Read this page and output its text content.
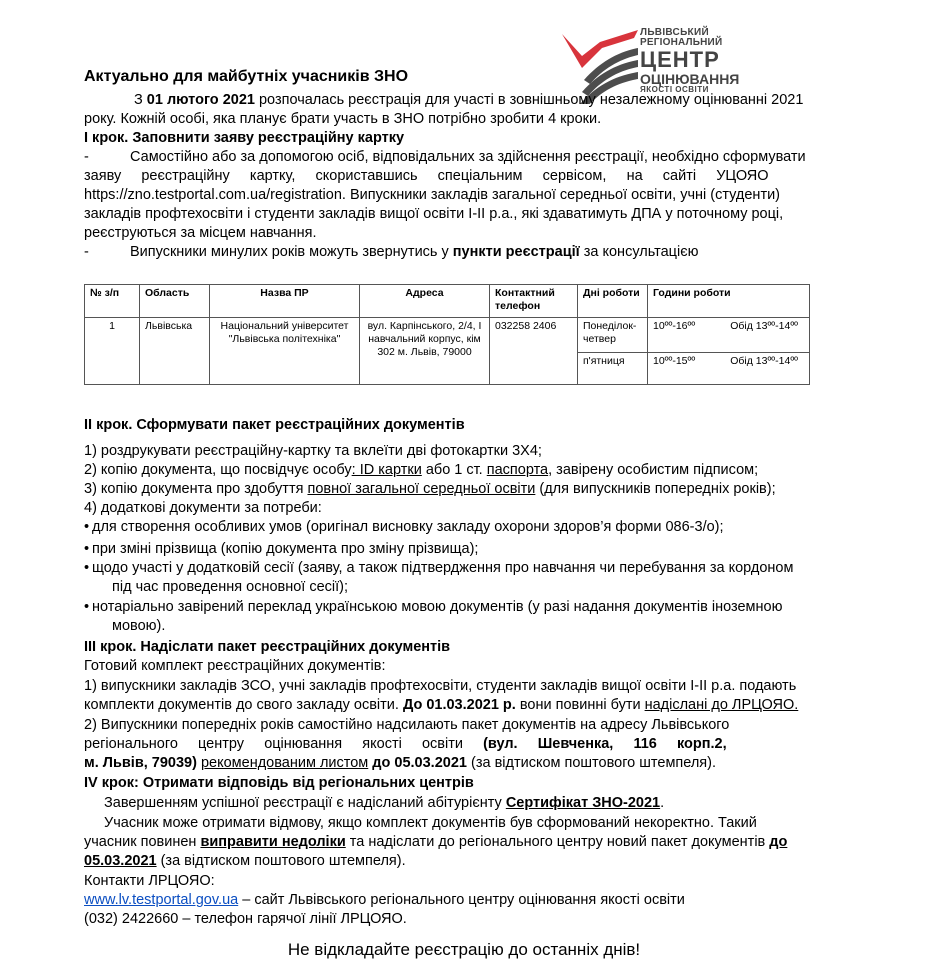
ЛЬВІВСЬКИЙ
РЕГІОНАЛЬНИЙ
ЦЕНТР
ОЦІНЮВАННЯ
ЯКОСТІ ОСВІТИ
Актуально для майбутніх учасників ЗНО
З 01 лютого 2021 розпочалась реєстрація для участі в зовнішньому незалежному оцінюванні 2021
року. Кожній особі, яка планує брати участь в ЗНО потрібно зробити 4 кроки.
І крок. Заповнити заяву реєстраційну картку
-	Самостійно або за допомогою осіб, відповідальних за здійснення реєстрації, необхідно сформувати
заяву     реєстраційну     картку,     скориставшись     спеціальним     сервісом,     на     сайті     УЦОЯО
https://zno.testportal.com.ua/registration. Випускники закладів загальної середньої освіти, учні (студенти)
закладів профтехосвіти і студенти закладів вищої освіти І-ІІ р.а., які здаватимуть ДПА у поточному році,
реєструються за місцем навчання.
-	Випускники минулих років можуть звернутись у пункти реєстрації за консультацією
№ з/п	Область	Назва ПР	Адреса	Контактний телефон	Дні роботи	Години роботи
1	Львівська	Національний університет "Львівська політехніка"	вул. Карпінського, 2/4, І навчальний корпус, кім 302 м. Львів, 79000	032258 2406	Понеділок-четвер	10ºº-16ºº Обід 13ºº-14ºº

					п'ятниця	10ºº-15ºº Обід 13ºº-14ºº
ІІ крок. Сформувати пакет реєстраційних документів
1) роздрукувати реєстраційну-картку та вклеїти дві фотокартки 3Х4;
2) копію документа, що посвідчує особу: ID картки або 1 ст. паспорта, завірену особистим підписом;
3) копію документа про здобуття повної загальної середньої освіти (для випускників попередніх років);
4) додаткові документи за потреби:
• для створення особливих умов (оригінал висновку закладу охорони здоров’я форми 086-3/о);
• при зміні прізвища (копію документа про зміну прізвища);
• щодо участі у додатковій сесії (заяву, а також підтвердження про навчання чи перебування за кордоном
під час проведення основної сесії);
• нотаріально завірений переклад українською мовою документів (у разі надання документів іноземною
мовою).
ІІІ крок. Надіслати пакет реєстраційних документів
Готовий комплект реєстраційних документів:
1) випускники закладів ЗСО, учні закладів профтехосвіти, студенти закладів вищої освіти І-ІІ р.а. подають
комплекти документів до свого закладу освіти. До 01.03.2021 р. вони повинні бути надіслані до ЛРЦОЯО.
2) Випускники попередніх років самостійно надсилають пакет документів на адресу Львівського
регіонального     центру     оцінювання     якості     освіти     (вул.     Шевченка,     116     корп.2,
м. Львів, 79039) рекомендованим листом до 05.03.2021 (за відтиском поштового штемпеля).
IV крок: Отримати відповідь від регіональних центрів
Завершенням успішної реєстрації є надісланий абітурієнту Сертифікат ЗНО-2021.
Учасник може отримати відмову, якщо комплект документів був сформований некоректно. Такий
учасник повинен виправити недоліки та надіслати до регіонального центру новий пакет документів до
05.03.2021 (за відтиском поштового штемпеля).
Контакти ЛРЦОЯО:
www.lv.testportal.gov.ua – сайт Львівського регіонального центру оцінювання якості освіти
(032) 2422660 – телефон гарячої лінії ЛРЦОЯО.
Не відкладайте реєстрацію до останніх днів!
